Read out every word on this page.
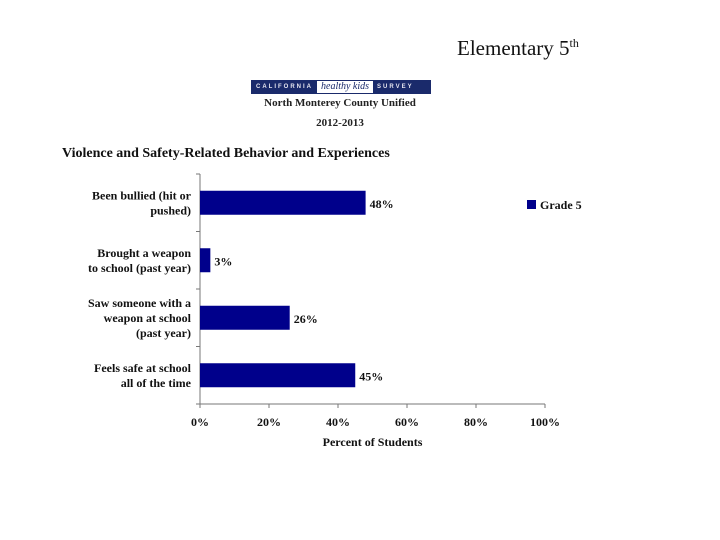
Elementary 5th
CALIFORNIA healthy kids	SURVEY
North Monterey County Unified
2012-2013
Violence and Safety-Related Behavior and Experiences
0%	20%	40%	60%	80%	100%
Percent of Students
48%
Been bullied (hit or
pushed)
3%
Brought a weapon
to school (past year)
26%
Saw someone with a
weapon at school
(past year)
45%
Feels safe at school
all of the time
Grade 5
